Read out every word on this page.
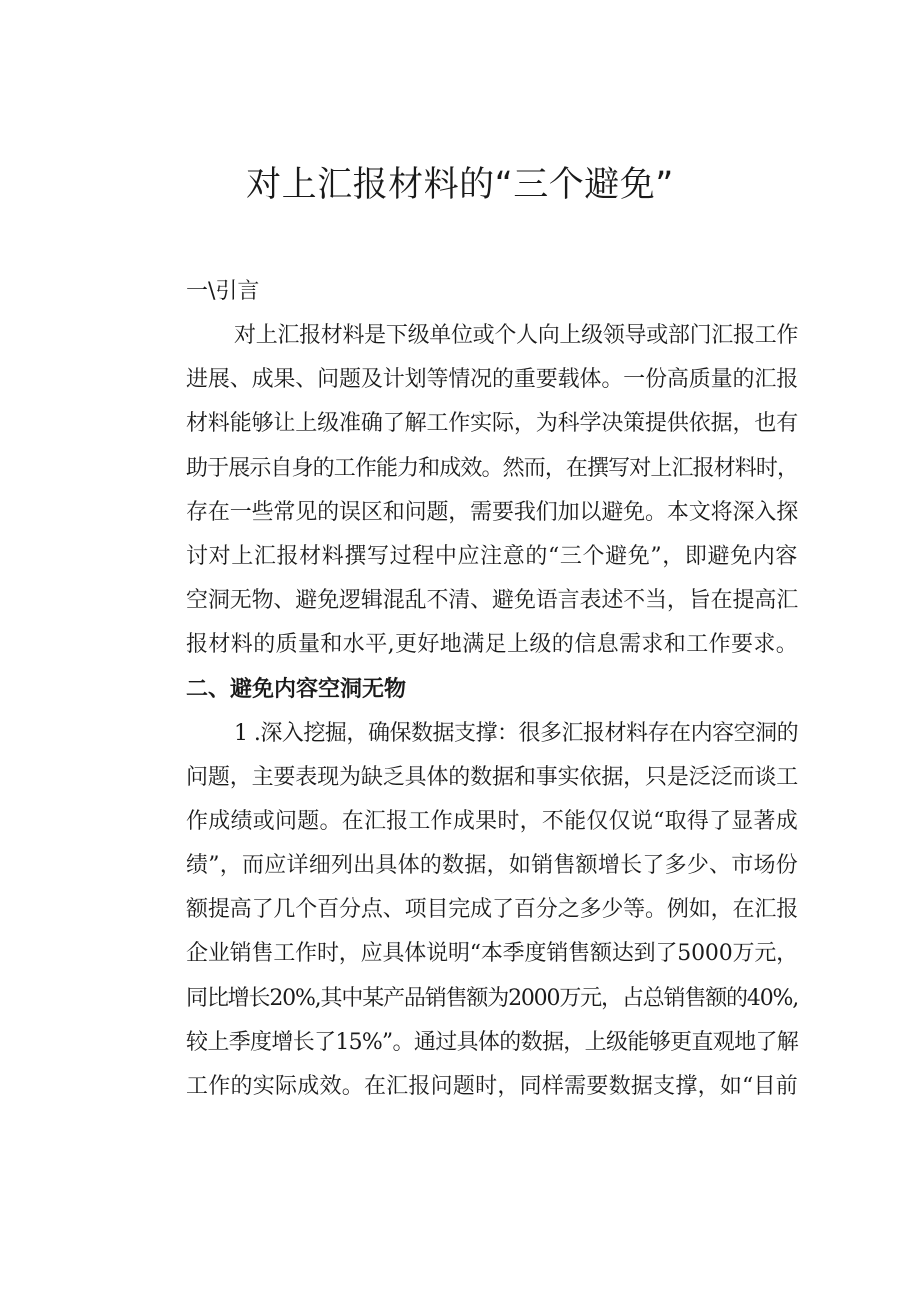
对上汇报材料的“三个避免”
一\引言
对上汇报材料是下级单位或个人向上级领导或部门汇报工作
进展、成果、问题及计划等情况的重要载体。一份高质量的汇报
材料能够让上级准确了解工作实际，为科学决策提供依据，也有
助于展示自身的工作能力和成效。然而，在撰写对上汇报材料时，
存在一些常见的误区和问题，需要我们加以避免。本文将深入探
讨对上汇报材料撰写过程中应注意的“三个避免”，即避免内容
空洞无物、避免逻辑混乱不清、避免语言表述不当，旨在提高汇
报材料的质量和水平,更好地满足上级的信息需求和工作要求。
二、避免内容空洞无物
1 .深入挖掘，确保数据支撑：很多汇报材料存在内容空洞的
问题，主要表现为缺乏具体的数据和事实依据，只是泛泛而谈工
作成绩或问题。在汇报工作成果时，不能仅仅说“取得了显著成
绩”，而应详细列出具体的数据，如销售额增长了多少、市场份
额提高了几个百分点、项目完成了百分之多少等。例如，在汇报
企业销售工作时，应具体说明“本季度销售额达到了5000万元，
同比增长20%,其中某产品销售额为2000万元，占总销售额的40%,
较上季度增长了15%”。通过具体的数据，上级能够更直观地了解
工作的实际成效。在汇报问题时，同样需要数据支撑，如“目前
